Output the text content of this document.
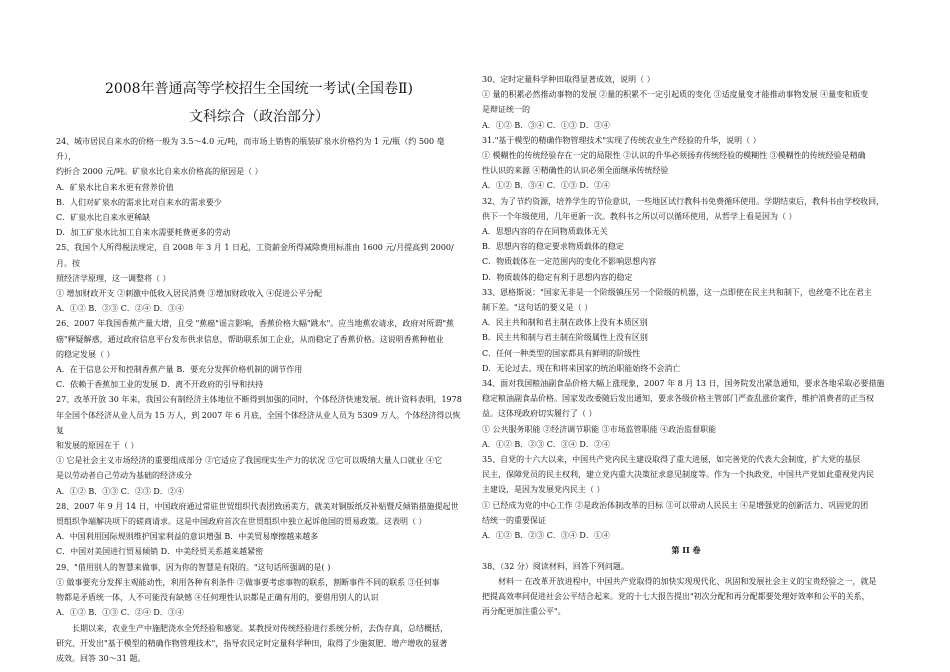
2008年普通高等学校招生全国统一考试(全国卷Ⅱ)
文科综合（政治部分）

24、城市居民自来水的价格一般为 3.5～4.0 元/吨，而市场上销售的瓶装矿泉水价格约为 1 元/瓶（约 500 毫升），

约折合 2000 元/吨。矿泉水比自来水价格高的原因是（ ）

A．矿泉水比自来水更有营养价值

B．人们对矿泉水的需求比对自来水的需求要少

C．矿泉水比自来水更稀缺

D．加工矿泉水比加工自来水需要耗费更多的劳动

25、我国个人所得税法规定，自 2008 年 3 月 1 日起，工资薪金所得减除费用标准由 1600 元/月提高到 2000/月。按

照经济学原理，这一调整将（ ）

① 增加财政开支 ②刺激中低收入居民消费 ③增加财政收入 ④促进公平分配

A．①② B．②③ C．②④ D．③④

26、2007 年我国香蕉产量大增，且受 "蕉癌"谣言影响，香蕉价格大幅"跳水"。应当地蕉农请求，政府对所谓"蕉

癌"释疑解惑，通过政府信息平台发布供求信息，帮助联系加工企业，从而稳定了香蕉价格。这说明香蕉种植业

的稳定发展（ ）

A．在于信息公开和控制香蕉产量 B．要充分发挥价格机制的调节作用

C．依赖于香蕉加工业的发展 D．离不开政府的引导和扶持

27、改革开放 30 年来，我国公有制经济主体地位不断得到加强的同时，个体经济快速发展。统计资料表明，1978

年全国个体经济从业人员为 15 万人，到 2007 年 6 月底，全国个体经济从业人员为 5309 万人。个体经济得以恢复

和发展的原因在于（ ）

① 它是社会主义市场经济的重要组成部分 ②它适应了我国现实生产力的状况 ③它可以吸纳大量人口就业 ④它

是以劳动者自己劳动为基础的经济成分

A．①② B．①③ C．②③ D．②④

28、2007 年 9 月 14 日，中国政府通过常驻世贸组织代表团致函美方，就美对铜版纸反补贴暨反倾销措施提起世

贸组织争端解决项下的磋商请求。这是中国政府首次在世贸组织中独立起诉他国的贸易政策。这表明（ ）

A．中国利用国际规则维护国家利益的意识增强 B．中美贸易摩擦越来越多

C．中国对美国进行贸易倾销 D．中美经贸关系越来越紧密

29、"借用别人的智慧来做事，因为你的智慧是有限的。"这句话所强调的是( )

① 做事要充分发挥主观能动性，利用各种有利条件 ②做事要考虑事物的联系，割断事件不同的联系 ③任何事

物都是矛盾统一体，人不可能没有缺憾 ④任何理性认识都是正确有用的，要借用别人的认识

A．①② B．①③ C．②④ D．③④

长期以来，农业生产中施肥浇水全凭经验和感觉。某教授对传统经验进行系统分析，去伪存真，总结概括，

研究、开发出"基于模型的精确作物管理技术"，指导农民定时定量科学种田，取得了少施氮肥、增产增收的显著

成效。回答 30～31 题。

30、定时定量科学种田取得显著成效，说明（ ）

① 量的积累必然推动事物的发展 ②量的积累不一定引起质的变化 ③适度量变才能推动事物发展 ④量变和质变

是辩证统一的

A．①② B．③④ C．①③ D．②④

31."基于模型的精确作物管理技术"实现了传统农业生产经验的升华，说明（ ）

① 模糊性的传统经验存在一定的局限性 ②认识的升华必须扬弃传统经验的模糊性 ③模糊性的传统经验是精确

性认识的来源 ④精确性的认识必须全面继承传统经验

A．①② B．③④ C．①③ D．②④

32、为了节约资源，培养学生的节俭意识，一些地区试行教科书免费循环使用。学期结束后，教科书由学校收回，

供下一个年级使用，几年更新一次。教科书之所以可以循环使用，从哲学上看是因为（ ）

A．思想内容的存在同物质载体无关

B．思想内容的稳定要求物质载体的稳定

C．物质载体在一定范围内的变化不影响思想内容

D．物质载体的稳定有利于思想内容的稳定

33、恩格斯说："国家无非是一个阶级镇压另一个阶级的机器，这一点即使在民主共和制下，也丝毫不比在君主

制下差。"这句话的要义是（ ）

A．民主共和制和君主制在政体上没有本质区别

B．民主共和制与君主制在阶级属性上没有区别

C．任何一种类型的国家都具有鲜明的阶级性

D．无论过去、现在和将来国家的统治职能始终不会消亡

34、面对我国粮油副食品价格大幅上涨现象，2007 年 8 月 13 日，国务院发出紧急通知，要求各地采取必要措施

稳定粮油副食品价格。国家发改委随后发出通知，要求各级价格主管部门严查乱涨价案件，维护消费者的正当权

益。这体现政府切实履行了（ ）

① 公共服务职能 ②经济调节职能 ③市场监管职能 ④政治监督职能

A．①② B．②③ C．③④ D．②④

35、自党的十六大以来，中国共产党内民主建设取得了重大进展，如完善党的代表大会制度，扩大党的基层

民主，保障党员的民主权利，建立党内重大决策征求意见制度等。作为一个执政党，中国共产党如此重视党内民

主建设，是因为发展党内民主（ ）

① 已经成为党的中心工作 ②是政治体制改革的目标 ③可以带动人民民主 ④是增强党的创新活力、巩固党的团

结统一的重要保证

A．①② B．②③ C．③④ D．①④

第 II 卷

38、（32 分）阅读材料，回答下列问题。

材料一 在改革开放进程中，中国共产党取得的加快实现现代化、巩固和发展社会主义的宝贵经验之一，就是

把提高效率同促进社会公平结合起来。党的十七大报告提出"初次分配和再分配都要处理好效率和公平的关系，

再分配更加注重公平"。
